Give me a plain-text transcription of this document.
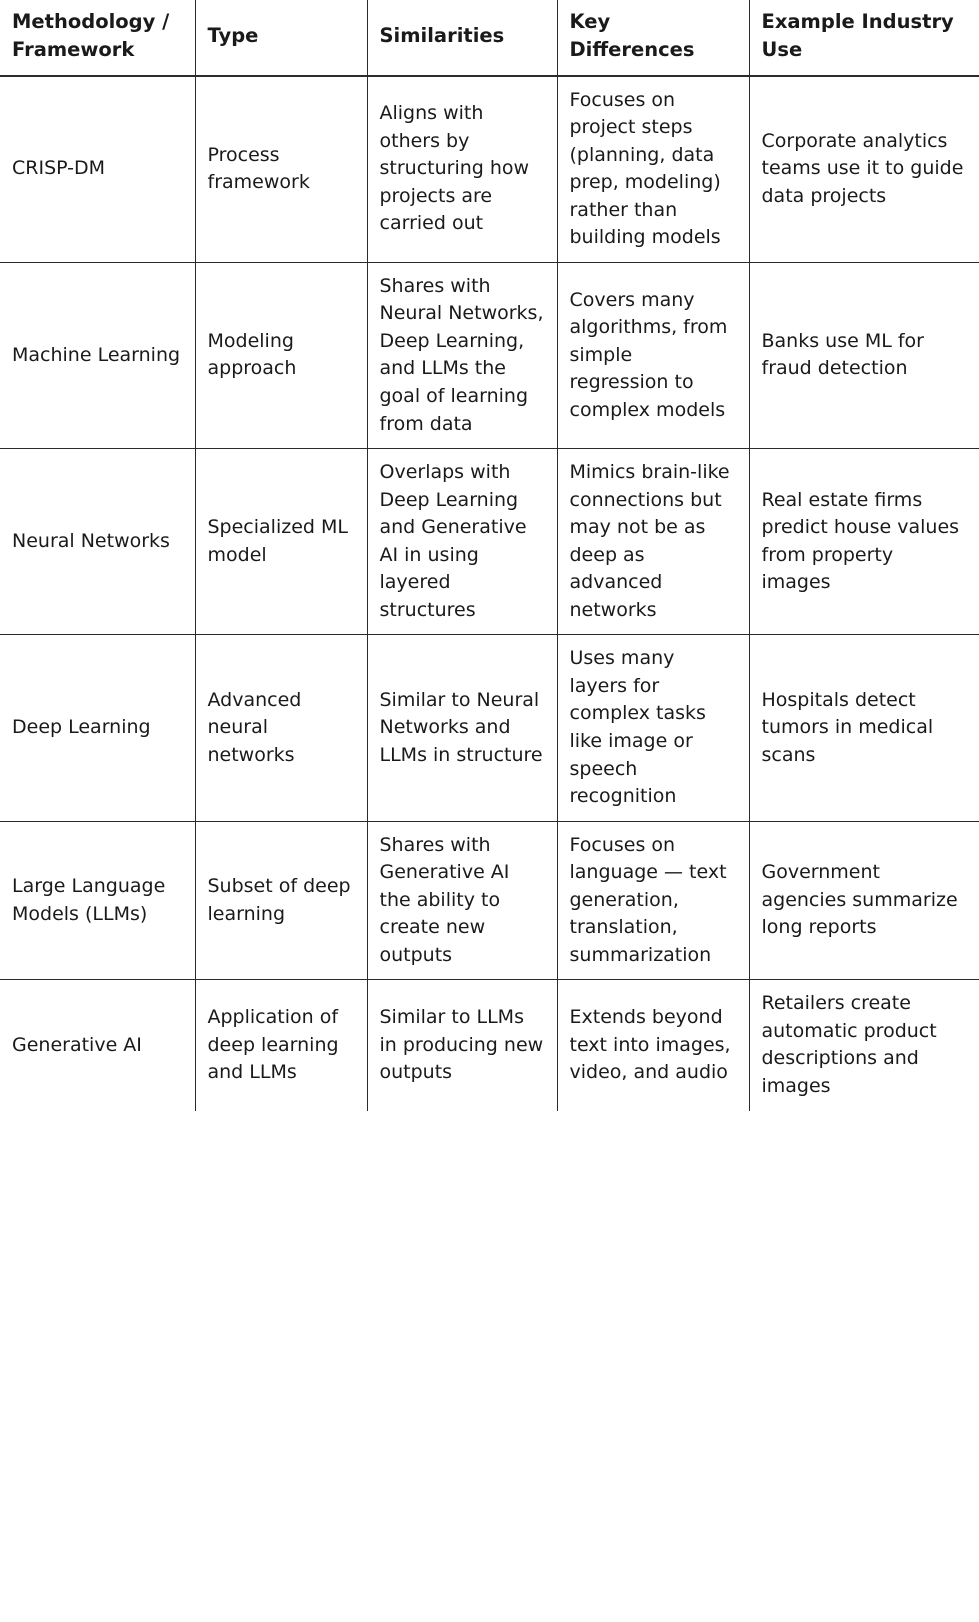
Methodology / Framework	Type	Similarities	Key Differences	Example Industry Use
CRISP-DM	Process framework	Aligns with others by structuring how projects are carried out	Focuses on project steps (planning, data prep, modeling) rather than building models	Corporate analytics teams use it to guide data projects
Machine Learning	Modeling approach	Shares with Neural Networks, Deep Learning, and LLMs the goal of learning from data	Covers many algorithms, from simple regression to complex models	Banks use ML for fraud detection
Neural Networks	Specialized ML model	Overlaps with Deep Learning and Generative AI in using layered structures	Mimics brain-like connections but may not be as deep as advanced networks	Real estate firms predict house values from property images
Deep Learning	Advanced neural networks	Similar to Neural Networks and LLMs in structure	Uses many layers for complex tasks like image or speech recognition	Hospitals detect tumors in medical scans
Large Language Models (LLMs)	Subset of deep learning	Shares with Generative AI the ability to create new outputs	Focuses on language — text generation, translation, summarization	Government agencies summarize long reports
Generative AI	Application of deep learning and LLMs	Similar to LLMs in producing new outputs	Extends beyond text into images, video, and audio	Retailers create automatic product descriptions and images
